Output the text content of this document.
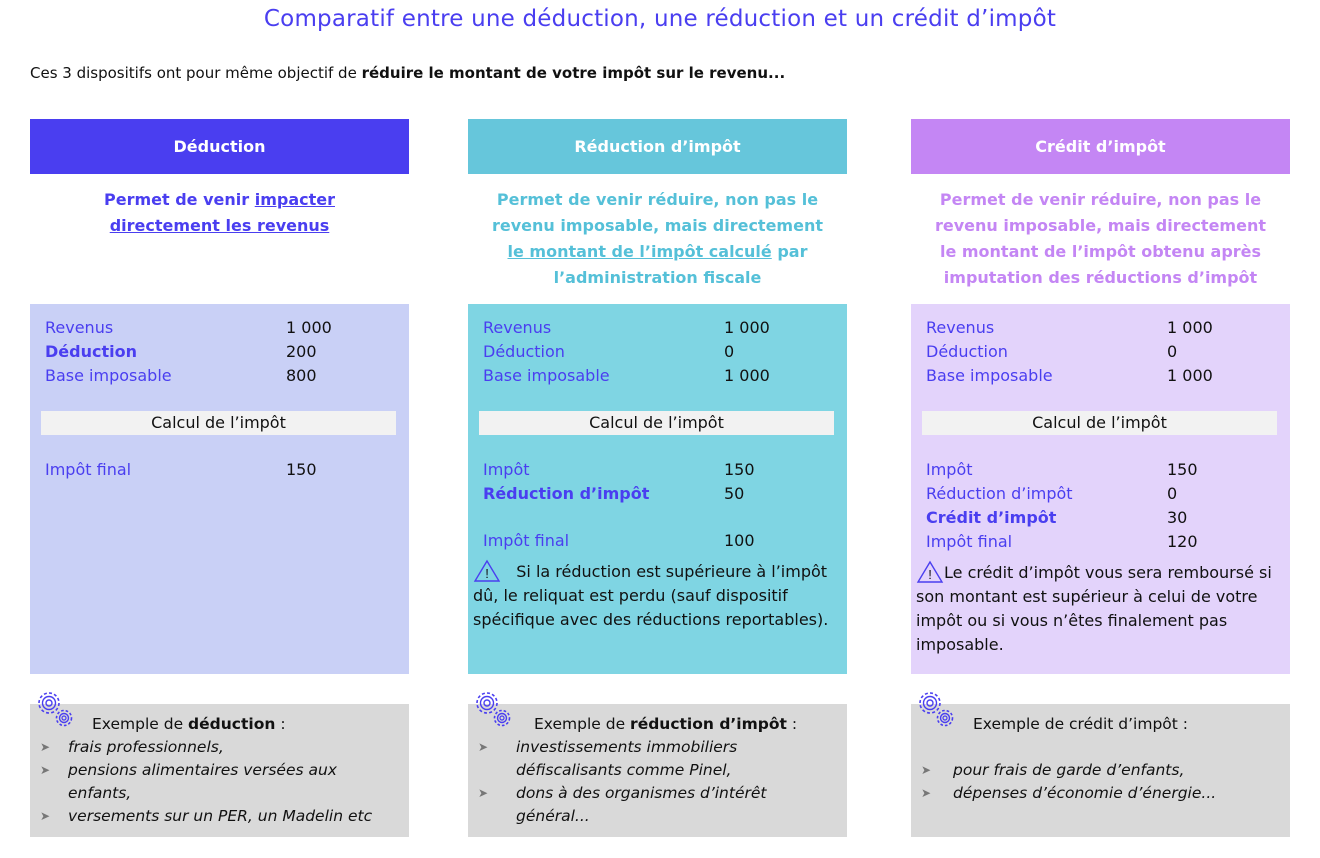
Comparatif entre une déduction, une réduction et un crédit d’impôt
Ces 3 dispositifs ont pour même objectif de réduire le montant de votre impôt sur le revenu...
Déduction
Permet de venir impacter directement les revenus
Revenus	1 000
Déduction	200
Base imposable	800
Calcul de l’impôt
Impôt final	150
Exemple de déduction :
➤ frais professionnels,
➤ pensions alimentaires versées aux enfants,
➤ versements sur un PER, un Madelin etc
Réduction d’impôt
Permet de venir réduire, non pas le revenu imposable, mais directement le montant de l’impôt calculé par l’administration fiscale
Revenus	1 000
Déduction	0
Base imposable	1 000
Calcul de l’impôt
Impôt	150
Réduction d’impôt	50
Impôt final	100
! Si la réduction est supérieure à l’impôt dû, le reliquat est perdu (sauf dispositif spécifique avec des réductions reportables).
Exemple de réduction d’impôt :
➤ investissements immobiliers défiscalisants comme Pinel,
➤ dons à des organismes d’intérêt général...
Crédit d’impôt
Permet de venir réduire, non pas le revenu imposable, mais directement le montant de l’impôt obtenu après imputation des réductions d’impôt
Revenus	1 000
Déduction	0
Base imposable	1 000
Calcul de l’impôt
Impôt	150
Réduction d’impôt	0
Crédit d’impôt	30
Impôt final	120
! Le crédit d’impôt vous sera remboursé si son montant est supérieur à celui de votre impôt ou si vous n’êtes finalement pas imposable.
Exemple de crédit d’impôt :
➤ pour frais de garde d’enfants,
➤ dépenses d’économie d’énergie...
